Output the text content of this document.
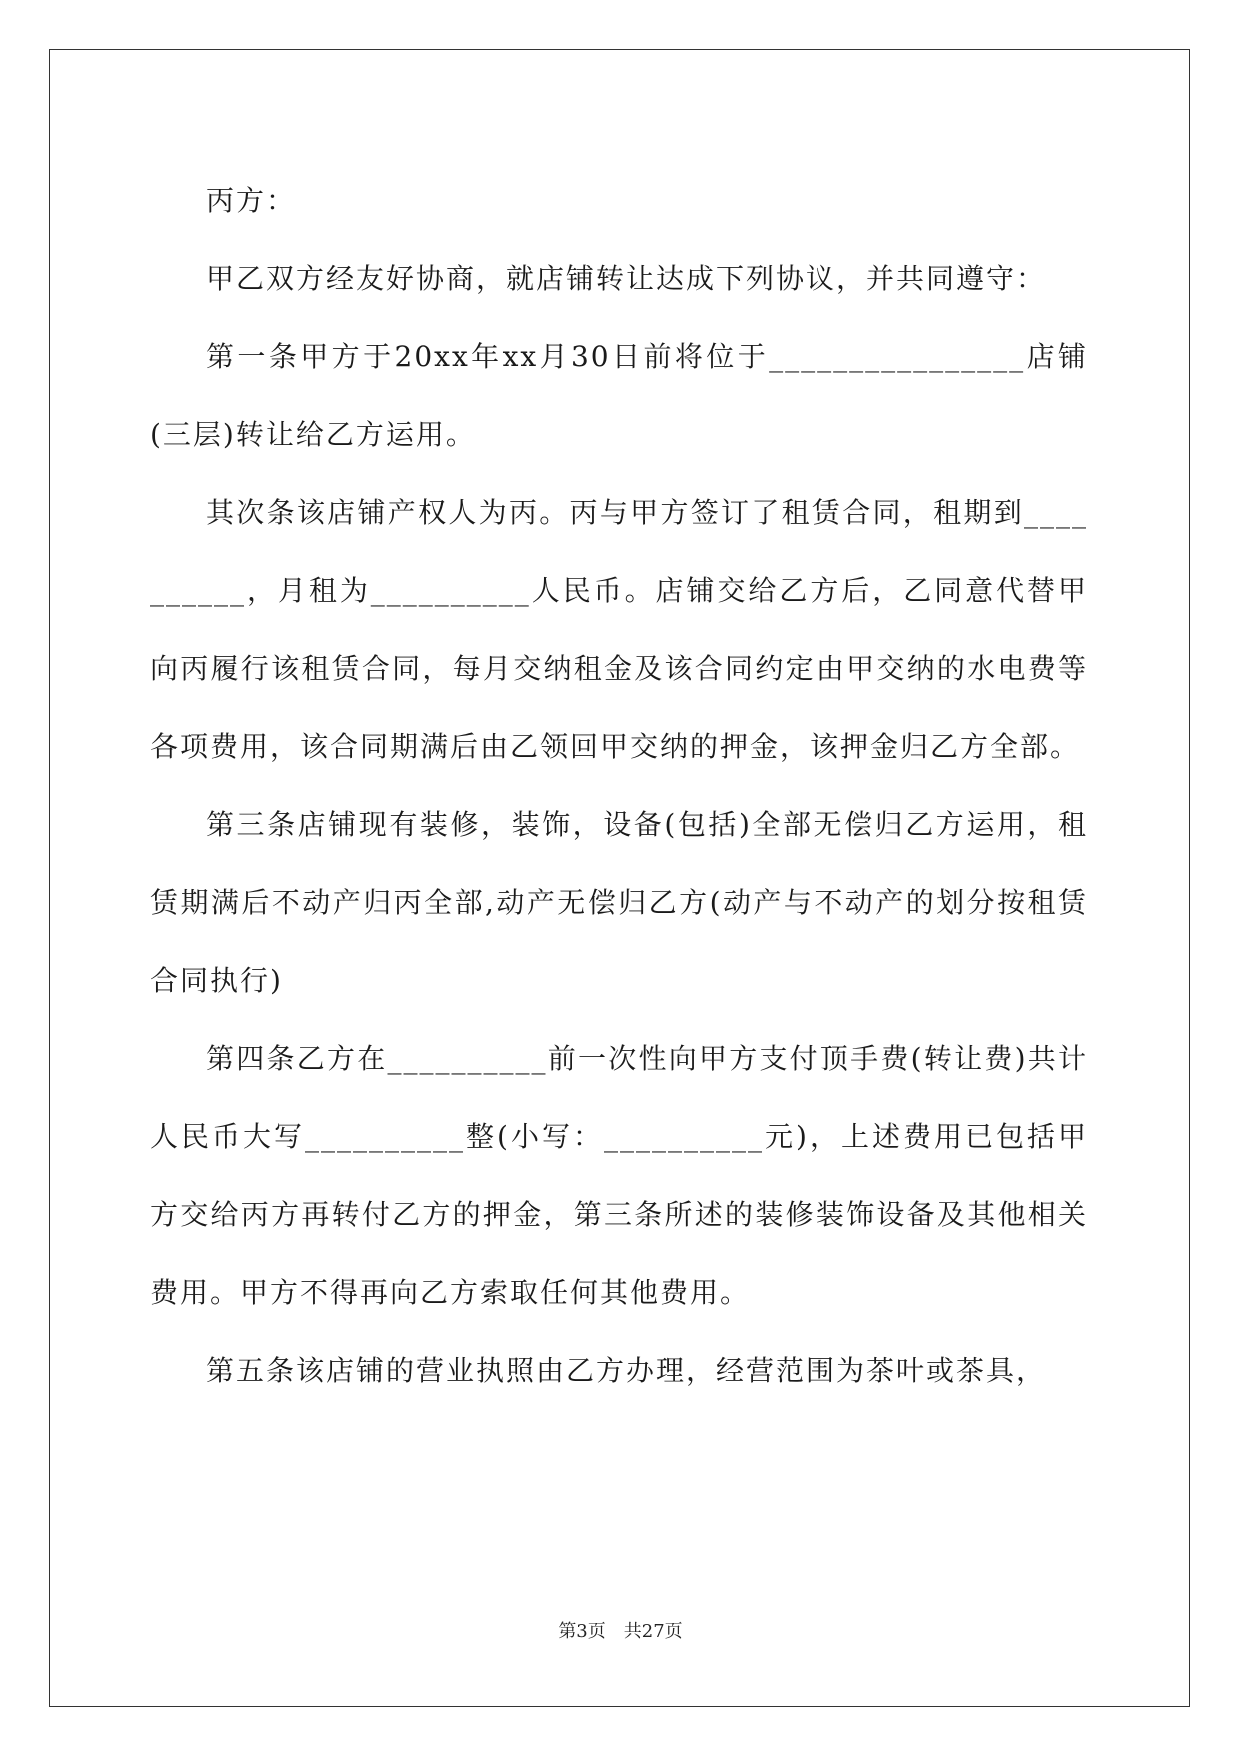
丙方：

甲乙双方经友好协商，就店铺转让达成下列协议，并共同遵守：

第一条甲方于20xx年xx月30日前将位于________________店铺(三层)转让给乙方运用。

其次条该店铺产权人为丙。丙与甲方签订了租赁合同，租期到__________，月租为__________人民币。店铺交给乙方后，乙同意代替甲向丙履行该租赁合同，每月交纳租金及该合同约定由甲交纳的水电费等各项费用，该合同期满后由乙领回甲交纳的押金，该押金归乙方全部。

第三条店铺现有装修，装饰，设备(包括)全部无偿归乙方运用，租赁期满后不动产归丙全部,动产无偿归乙方(动产与不动产的划分按租赁合同执行)

第四条乙方在__________前一次性向甲方支付顶手费(转让费)共计人民币大写__________整(小写：__________元)，上述费用已包括甲方交给丙方再转付乙方的押金，第三条所述的装修装饰设备及其他相关费用。甲方不得再向乙方索取任何其他费用。

第五条该店铺的营业执照由乙方办理，经营范围为茶叶或茶具，

第3页 共27页
